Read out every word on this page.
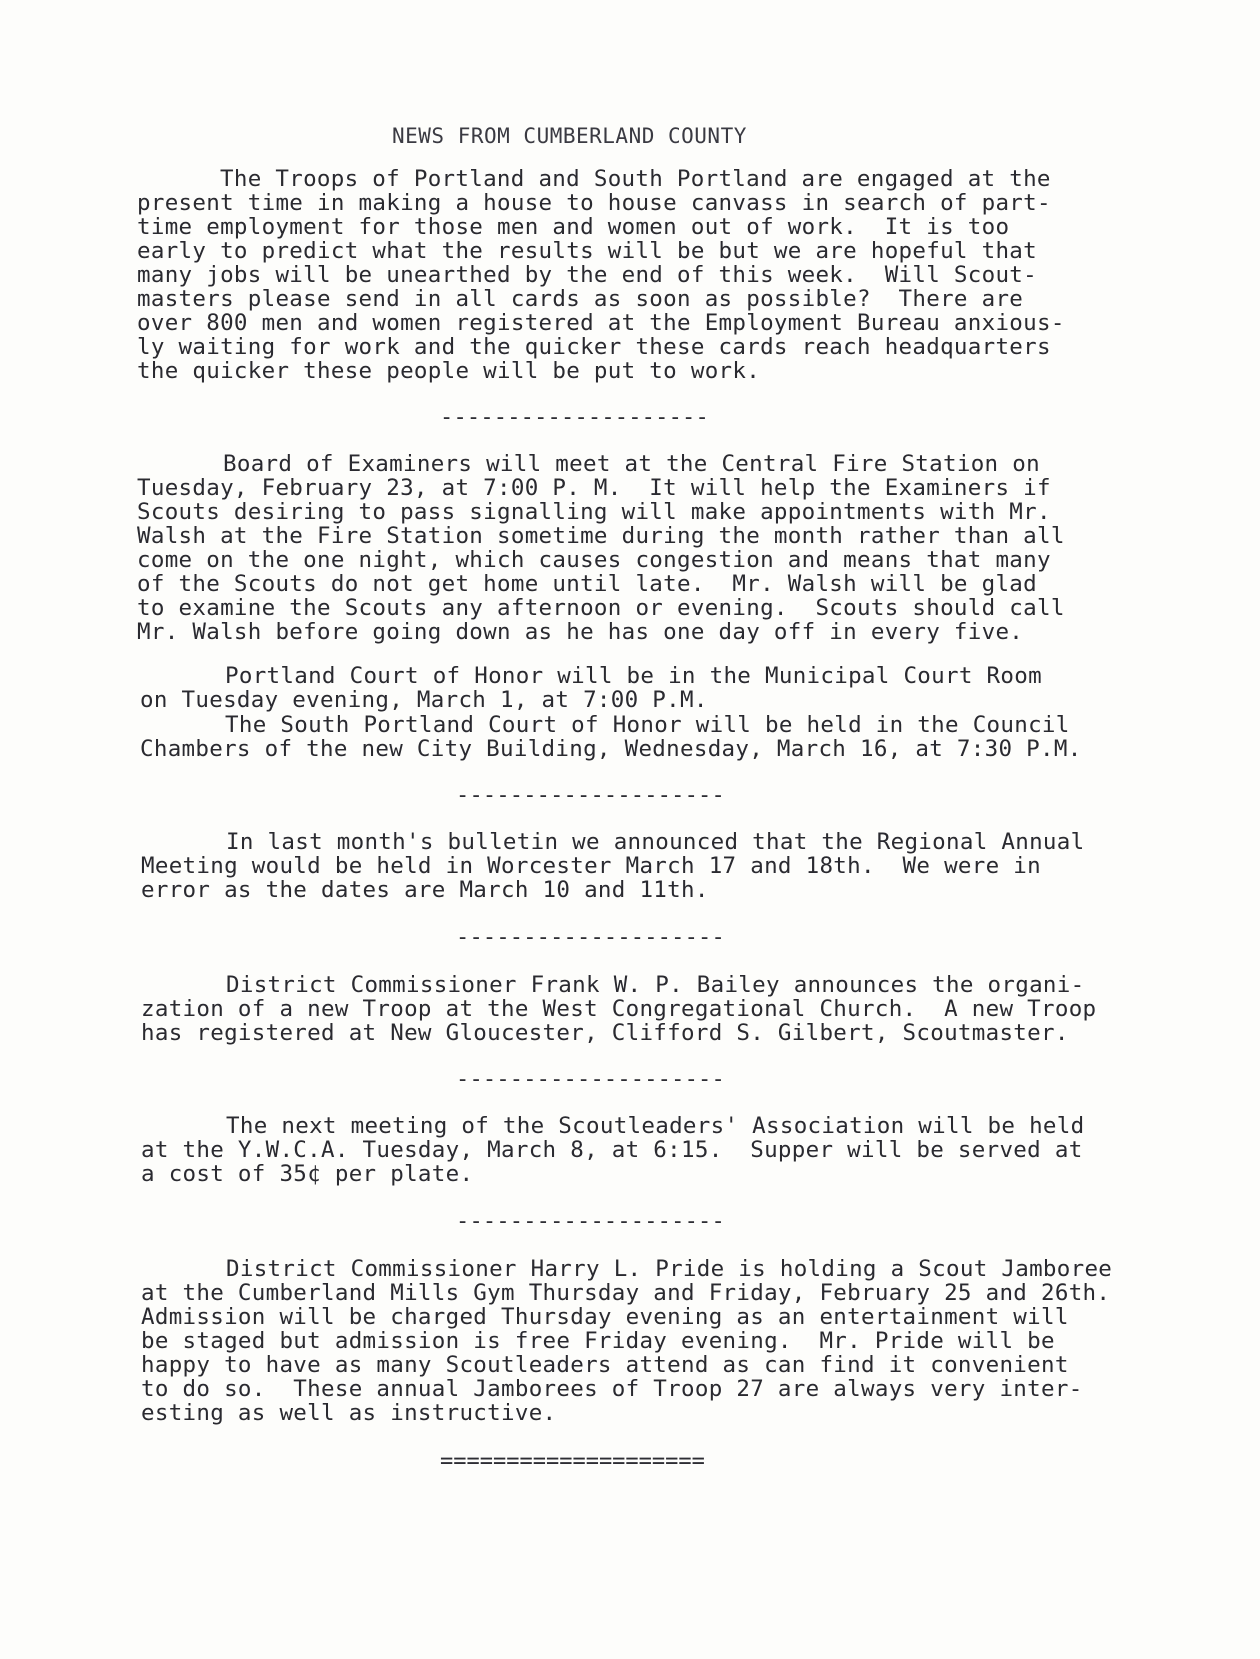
NEWS FROM CUMBERLAND COUNTY
The Troops of Portland and South Portland are engaged at the
present time in making a house to house canvass in search of part-
time employment for those men and women out of work.  It is too
early to predict what the results will be but we are hopeful that
many jobs will be unearthed by the end of this week.  Will Scout-
masters please send in all cards as soon as possible?  There are
over 800 men and women registered at the Employment Bureau anxious-
ly waiting for work and the quicker these cards reach headquarters
the quicker these people will be put to work.
--------------------
Board of Examiners will meet at the Central Fire Station on
Tuesday, February 23, at 7:00 P. M.  It will help the Examiners if
Scouts desiring to pass signalling will make appointments with Mr.
Walsh at the Fire Station sometime during the month rather than all
come on the one night, which causes congestion and means that many
of the Scouts do not get home until late.  Mr. Walsh will be glad
to examine the Scouts any afternoon or evening.  Scouts should call
Mr. Walsh before going down as he has one day off in every five.
Portland Court of Honor will be in the Municipal Court Room
on Tuesday evening, March 1, at 7:00 P.M.
The South Portland Court of Honor will be held in the Council
Chambers of the new City Building, Wednesday, March 16, at 7:30 P.M.
--------------------
In last month's bulletin we announced that the Regional Annual
Meeting would be held in Worcester March 17 and 18th.  We were in
error as the dates are March 10 and 11th.
--------------------
District Commissioner Frank W. P. Bailey announces the organi-
zation of a new Troop at the West Congregational Church.  A new Troop
has registered at New Gloucester, Clifford S. Gilbert, Scoutmaster.
--------------------
The next meeting of the Scoutleaders' Association will be held
at the Y.W.C.A. Tuesday, March 8, at 6:15.  Supper will be served at
a cost of 35¢ per plate.
--------------------
District Commissioner Harry L. Pride is holding a Scout Jamboree
at the Cumberland Mills Gym Thursday and Friday, February 25 and 26th.
Admission will be charged Thursday evening as an entertainment will
be staged but admission is free Friday evening.  Mr. Pride will be
happy to have as many Scoutleaders attend as can find it convenient
to do so.  These annual Jamborees of Troop 27 are always very inter-
esting as well as instructive.
====================
